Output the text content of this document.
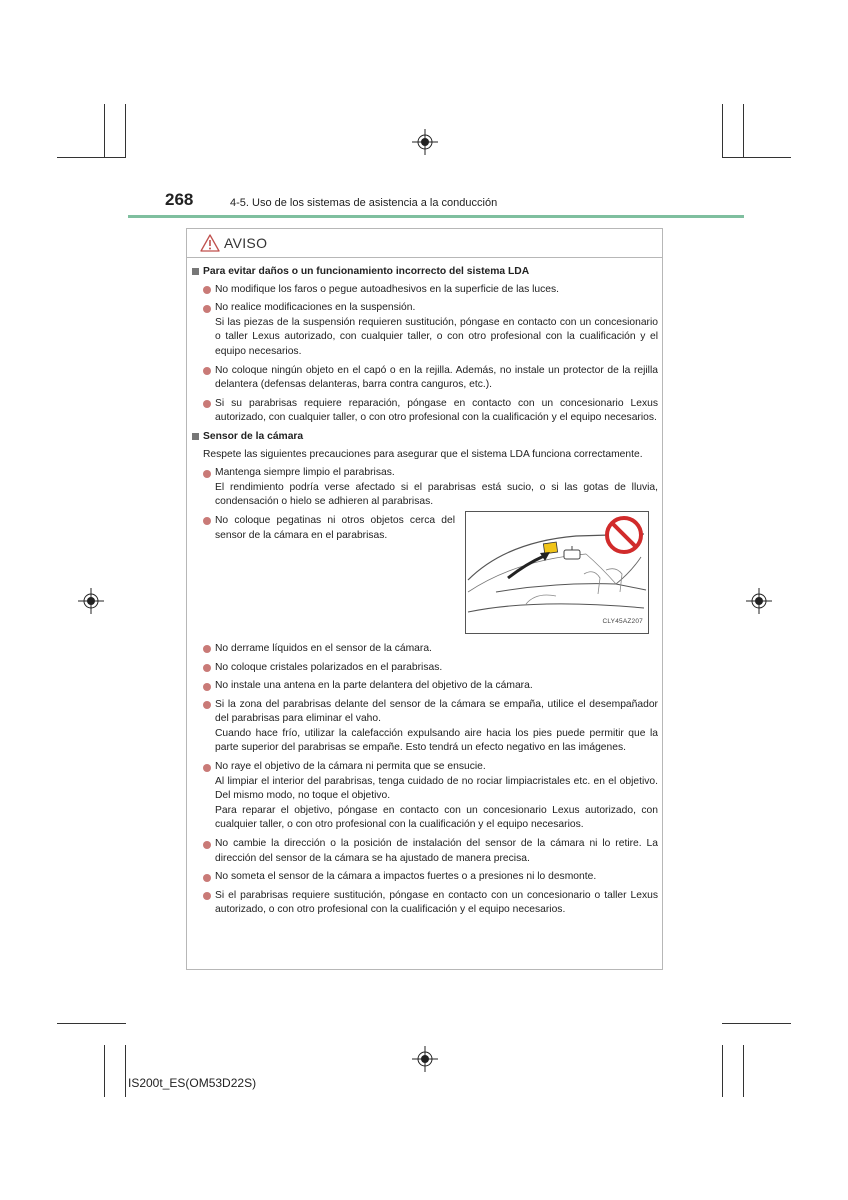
268	4-5. Uso de los sistemas de asistencia a la conducción
AVISO
Para evitar daños o un funcionamiento incorrecto del sistema LDA
No modifique los faros o pegue autoadhesivos en la superficie de las luces.
No realice modificaciones en la suspensión.
Si las piezas de la suspensión requieren sustitución, póngase en contacto con un concesionario o taller Lexus autorizado, con cualquier taller, o con otro profesional con la cualificación y el equipo necesarios.
No coloque ningún objeto en el capó o en la rejilla. Además, no instale un protector de la rejilla delantera (defensas delanteras, barra contra canguros, etc.).
Si su parabrisas requiere reparación, póngase en contacto con un concesionario Lexus autorizado, con cualquier taller, o con otro profesional con la cualificación y el equipo necesarios.
Sensor de la cámara
Respete las siguientes precauciones para asegurar que el sistema LDA funciona correctamente.
Mantenga siempre limpio el parabrisas.
El rendimiento podría verse afectado si el parabrisas está sucio, o si las gotas de lluvia, condensación o hielo se adhieren al parabrisas.
No coloque pegatinas ni otros objetos cerca del sensor de la cámara en el parabrisas.
CLY45AZ207
No derrame líquidos en el sensor de la cámara.
No coloque cristales polarizados en el parabrisas.
No instale una antena en la parte delantera del objetivo de la cámara.
Si la zona del parabrisas delante del sensor de la cámara se empaña, utilice el desempañador del parabrisas para eliminar el vaho.
Cuando hace frío, utilizar la calefacción expulsando aire hacia los pies puede permitir que la parte superior del parabrisas se empañe. Esto tendrá un efecto negativo en las imágenes.
No raye el objetivo de la cámara ni permita que se ensucie.
Al limpiar el interior del parabrisas, tenga cuidado de no rociar limpiacristales etc. en el objetivo. Del mismo modo, no toque el objetivo.
Para reparar el objetivo, póngase en contacto con un concesionario Lexus autorizado, con cualquier taller, o con otro profesional con la cualificación y el equipo necesarios.
No cambie la dirección o la posición de instalación del sensor de la cámara ni lo retire. La dirección del sensor de la cámara se ha ajustado de manera precisa.
No someta el sensor de la cámara a impactos fuertes o a presiones ni lo desmonte.
Si el parabrisas requiere sustitución, póngase en contacto con un concesionario o taller Lexus autorizado, o con otro profesional con la cualificación y el equipo necesarios.
IS200t_ES(OM53D22S)
